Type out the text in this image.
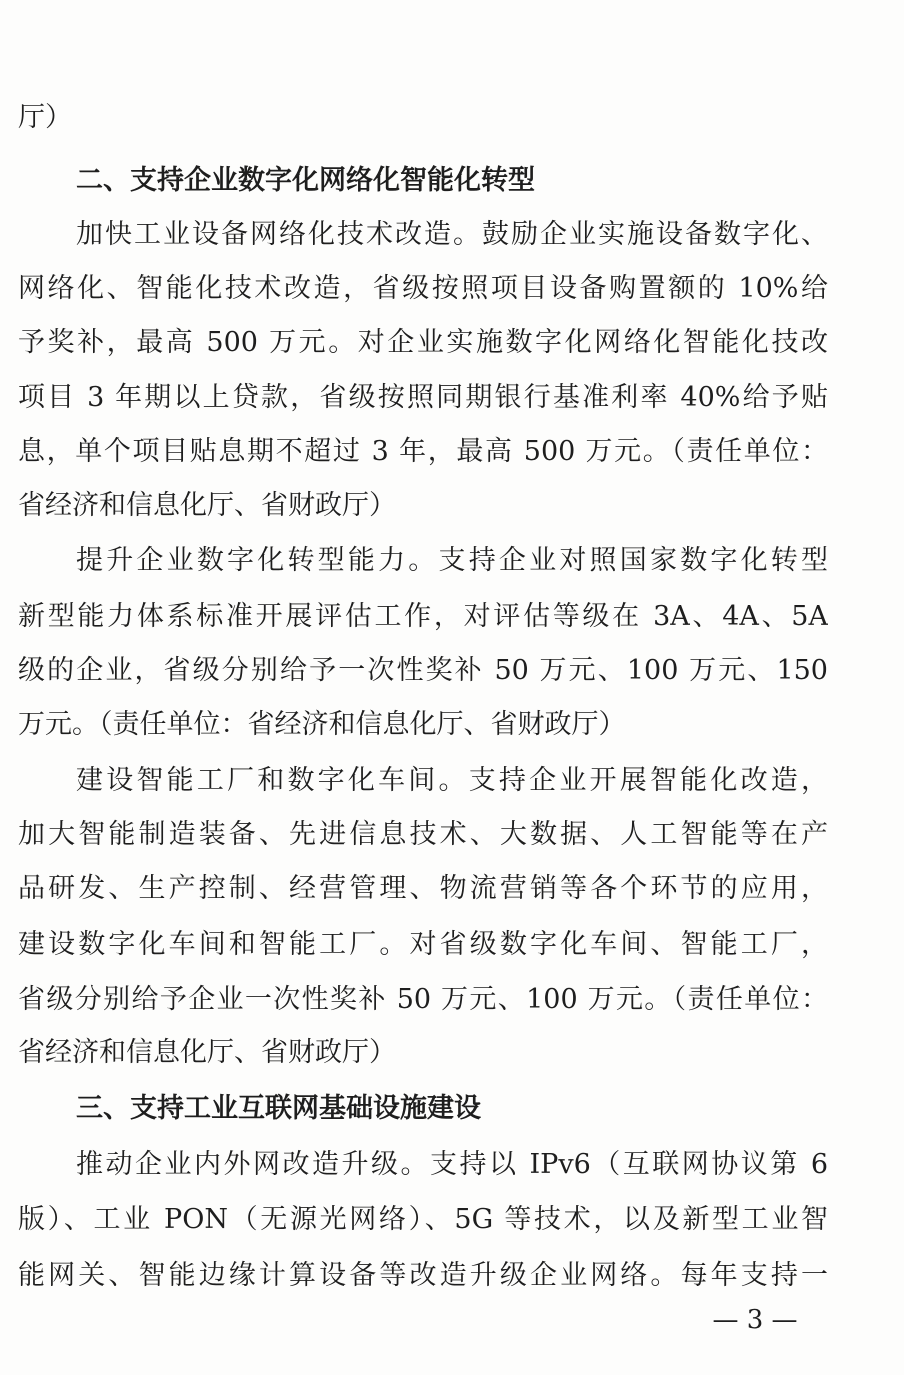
厅）
二、支持企业数字化网络化智能化转型
加快工业设备网络化技术改造。鼓励企业实施设备数字化、
网络化、智能化技术改造，省级按照项目设备购置额的 10%给
予奖补，最高 500 万元。对企业实施数字化网络化智能化技改
项目 3 年期以上贷款，省级按照同期银行基准利率 40%给予贴
息，单个项目贴息期不超过 3 年，最高 500 万元。（责任单位：
省经济和信息化厅、省财政厅）
提升企业数字化转型能力。支持企业对照国家数字化转型
新型能力体系标准开展评估工作，对评估等级在 3A、4A、5A
级的企业，省级分别给予一次性奖补 50 万元、100 万元、150
万元。（责任单位：省经济和信息化厅、省财政厅）
建设智能工厂和数字化车间。支持企业开展智能化改造，
加大智能制造装备、先进信息技术、大数据、人工智能等在产
品研发、生产控制、经营管理、物流营销等各个环节的应用，
建设数字化车间和智能工厂。对省级数字化车间、智能工厂，
省级分别给予企业一次性奖补 50 万元、100 万元。（责任单位：
省经济和信息化厅、省财政厅）
三、支持工业互联网基础设施建设
推动企业内外网改造升级。支持以 IPv6（互联网协议第 6
版）、工业 PON（无源光网络）、5G 等技术，以及新型工业智
能网关、智能边缘计算设备等改造升级企业网络。每年支持一
— 3 —
